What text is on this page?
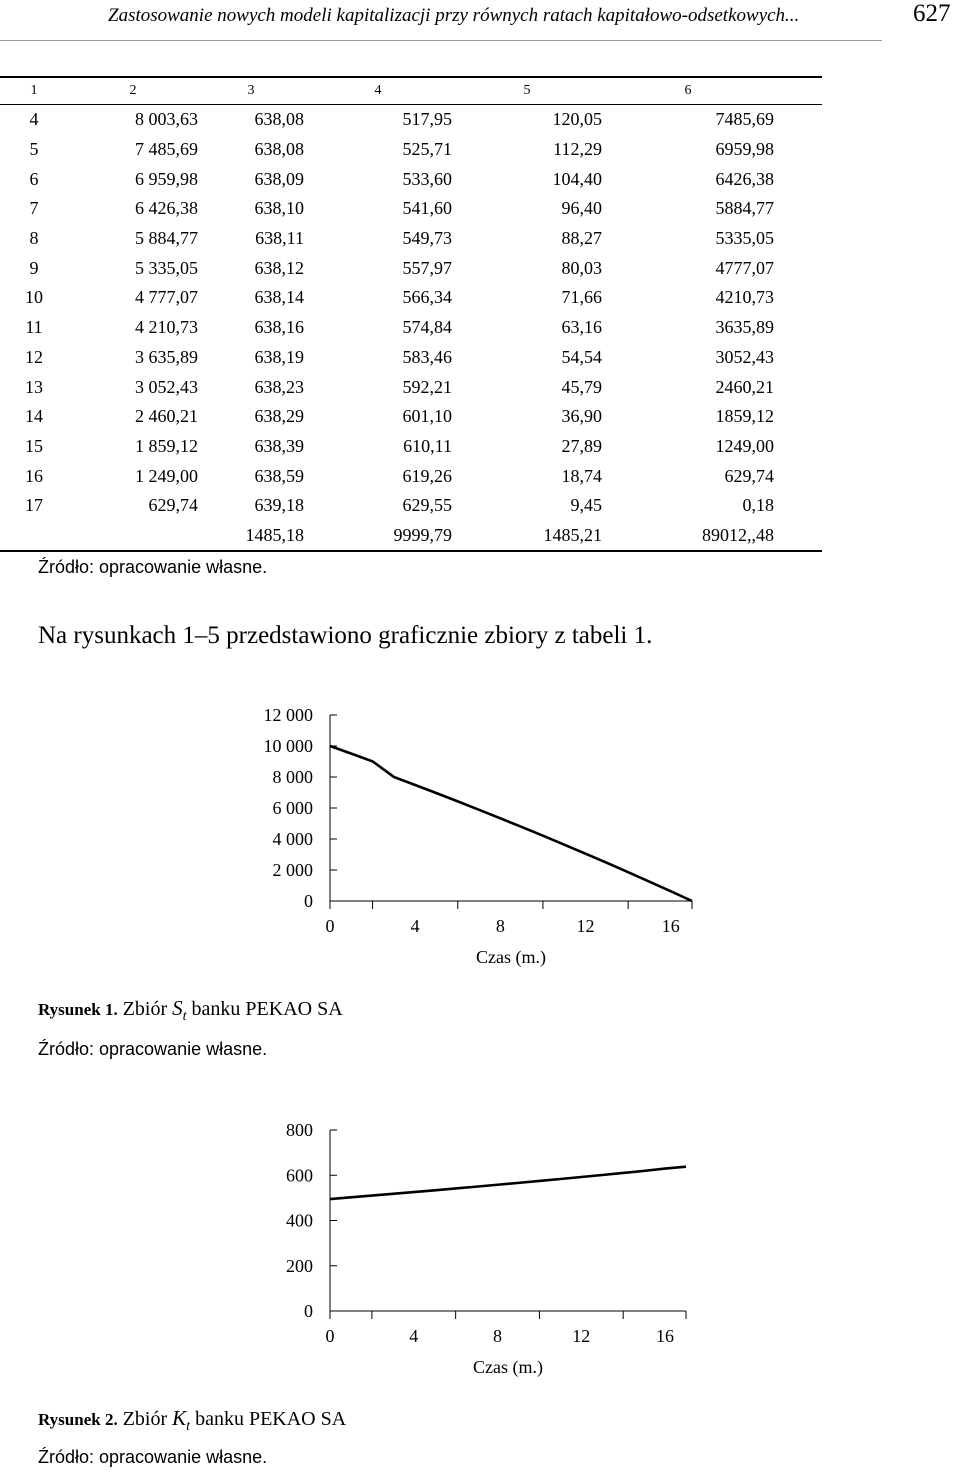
Zastosowanie nowych modeli kapitalizacji przy równych ratach kapitałowo-odsetkowych...	627
1	2	3	4	5	6	
4	8 003,63	638,08	517,95	120,05	7485,69	
5	7 485,69	638,08	525,71	112,29	6959,98	
6	6 959,98	638,09	533,60	104,40	6426,38	
7	6 426,38	638,10	541,60	96,40	5884,77	
8	5 884,77	638,11	549,73	88,27	5335,05	
9	5 335,05	638,12	557,97	80,03	4777,07	
10	4 777,07	638,14	566,34	71,66	4210,73	
11	4 210,73	638,16	574,84	63,16	3635,89	
12	3 635,89	638,19	583,46	54,54	3052,43	
13	3 052,43	638,23	592,21	45,79	2460,21	
14	2 460,21	638,29	601,10	36,90	1859,12	
15	1 859,12	638,39	610,11	27,89	1249,00	
16	1 249,00	638,59	619,26	18,74	629,74	
17	629,74	639,18	629,55	9,45	0,18	
		1485,18	9999,79	1485,21	89012,,48	
Źródło: opracowanie własne.
Na rysunkach 1–5 przedstawiono graficznie zbiory z tabeli 1.
0
2 000
4 000
6 000
8 000
10 000
12 000
0	4	8	12	16
Czas (m.)
Rysunek 1. Zbiór $S_t$ banku PEKAO SA
Źródło: opracowanie własne.
0
200
400
600
800
0	4	8	12	16
Czas (m.)
Rysunek 2. Zbiór $K_t$ banku PEKAO SA
Źródło: opracowanie własne.
